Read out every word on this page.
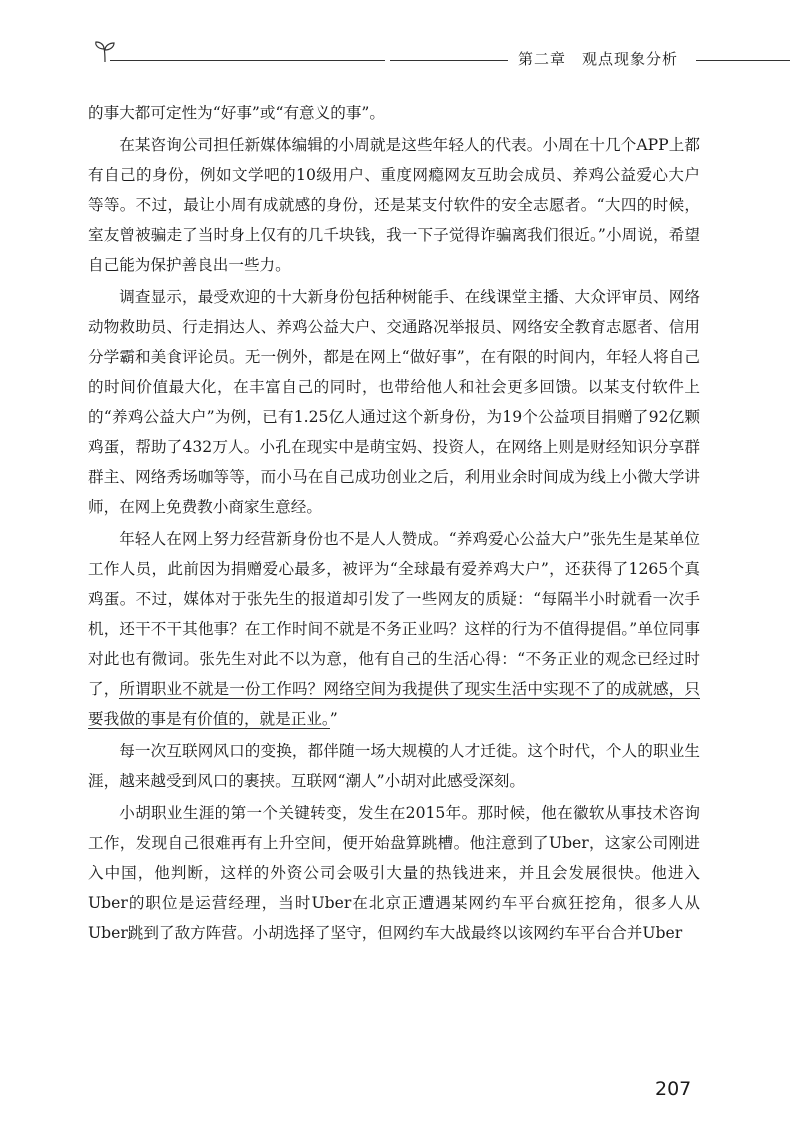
第二章 观点现象分析

的事大都可定性为“好事”或“有意义的事”。

在某咨询公司担任新媒体编辑的小周就是这些年轻人的代表。小周在十几个APP上都有自己的身份，例如文学吧的10级用户、重度网瘾网友互助会成员、养鸡公益爱心大户等等。不过，最让小周有成就感的身份，还是某支付软件的安全志愿者。“大四的时候，室友曾被骗走了当时身上仅有的几千块钱，我一下子觉得诈骗离我们很近。”小周说，希望自己能为保护善良出一些力。

调查显示，最受欢迎的十大新身份包括种树能手、在线课堂主播、大众评审员、网络动物救助员、行走捐达人、养鸡公益大户、交通路况举报员、网络安全教育志愿者、信用分学霸和美食评论员。无一例外，都是在网上“做好事”，在有限的时间内，年轻人将自己的时间价值最大化，在丰富自己的同时，也带给他人和社会更多回馈。以某支付软件上的“养鸡公益大户”为例，已有1.25亿人通过这个新身份，为19个公益项目捐赠了92亿颗鸡蛋，帮助了432万人。小孔在现实中是萌宝妈、投资人，在网络上则是财经知识分享群群主、网络秀场咖等等，而小马在自己成功创业之后，利用业余时间成为线上小微大学讲师，在网上免费教小商家生意经。

年轻人在网上努力经营新身份也不是人人赞成。“养鸡爱心公益大户”张先生是某单位工作人员，此前因为捐赠爱心最多，被评为“全球最有爱养鸡大户”，还获得了1265个真鸡蛋。不过，媒体对于张先生的报道却引发了一些网友的质疑：“每隔半小时就看一次手机，还干不干其他事？在工作时间不就是不务正业吗？这样的行为不值得提倡。”单位同事对此也有微词。张先生对此不以为意，他有自己的生活心得：“不务正业的观念已经过时了，所谓职业不就是一份工作吗？网络空间为我提供了现实生活中实现不了的成就感，只要我做的事是有价值的，就是正业。”

每一次互联网风口的变换，都伴随一场大规模的人才迁徙。这个时代，个人的职业生涯，越来越受到风口的裹挟。互联网“潮人”小胡对此感受深刻。

小胡职业生涯的第一个关键转变，发生在2015年。那时候，他在徽软从事技术咨询工作，发现自己很难再有上升空间，便开始盘算跳槽。他注意到了Uber，这家公司刚进入中国，他判断，这样的外资公司会吸引大量的热钱进来，并且会发展很快。他进入Uber的职位是运营经理，当时Uber在北京正遭遇某网约车平台疯狂挖角，很多人从Uber跳到了敌方阵营。小胡选择了坚守，但网约车大战最终以该网约车平台合并Uber

207
